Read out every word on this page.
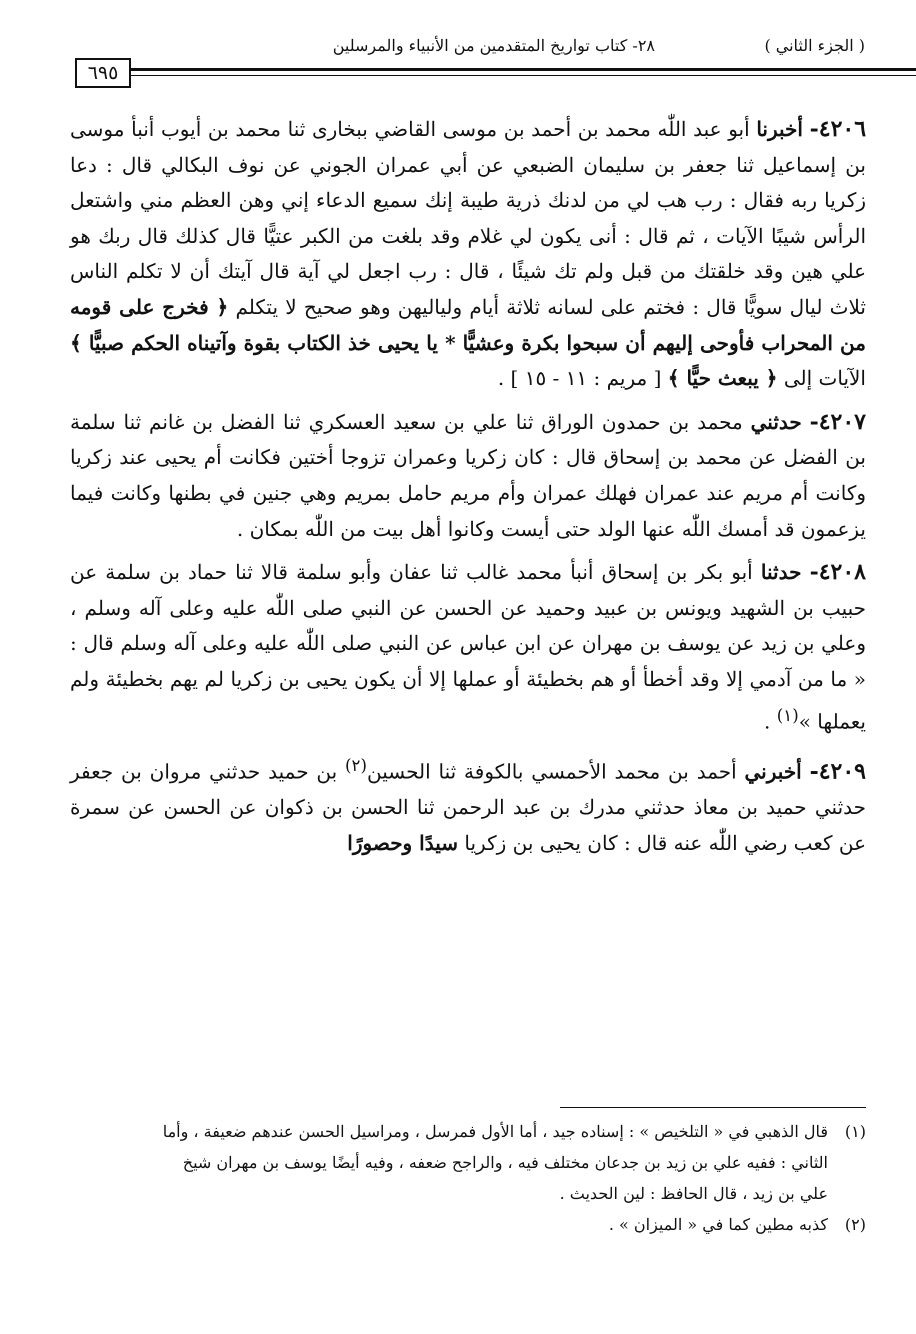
( الجزء الثاني )
٢٨- كتاب تواريخ المتقدمين من الأنبياء والمرسلين
٦٩٥

٤٢٠٦- أخبرنا أبو عبد اللّٰه محمد بن أحمد بن موسى القاضي ببخارى ثنا محمد بن أيوب أنبأ موسى بن إسماعيل ثنا جعفر بن سليمان الضبعي عن أبي عمران الجوني عن نوف البكالي قال : دعا زكريا ربه فقال : رب هب لي من لدنك ذرية طيبة إنك سميع الدعاء إني وهن العظم مني واشتعل الرأس شيبًا الآيات ، ثم قال : أنى يكون لي غلام وقد بلغت من الكبر عتيًّا قال كذلك قال ربك هو علي هين وقد خلقتك من قبل ولم تك شيئًا ، قال : رب اجعل لي آية قال آيتك أن لا تكلم الناس ثلاث ليال سويًّا قال : فختم على لسانه ثلاثة أيام ولياليهن وهو صحيح لا يتكلم ﴿ فخرج على قومه من المحراب فأوحى إليهم أن سبحوا بكرة وعشيًّا * يا يحيى خذ الكتاب بقوة وآتيناه الحكم صبيًّا ﴾ الآيات إلى ﴿ يبعث حيًّا ﴾ [ مريم : ١١ - ١٥ ] .

٤٢٠٧- حدثني محمد بن حمدون الوراق ثنا علي بن سعيد العسكري ثنا الفضل بن غانم ثنا سلمة بن الفضل عن محمد بن إسحاق قال : كان زكريا وعمران تزوجا أختين فكانت أم يحيى عند زكريا وكانت أم مريم عند عمران فهلك عمران وأم مريم حامل بمريم وهي جنين في بطنها وكانت فيما يزعمون قد أمسك اللّٰه عنها الولد حتى أيست وكانوا أهل بيت من اللّٰه بمكان .

٤٢٠٨- حدثنا أبو بكر بن إسحاق أنبأ محمد غالب ثنا عفان وأبو سلمة قالا ثنا حماد بن سلمة عن حبيب بن الشهيد ويونس بن عبيد وحميد عن الحسن عن النبي صلى اللّٰه عليه وعلى آله وسلم ، وعلي بن زيد عن يوسف بن مهران عن ابن عباس عن النبي صلى اللّٰه عليه وعلى آله وسلم قال : « ما من آدمي إلا وقد أخطأ أو هم بخطيئة أو عملها إلا أن يكون يحيى بن زكريا لم يهم بخطيئة ولم يعملها »$^{(١)}$ .

٤٢٠٩- أخبرني أحمد بن محمد الأحمسي بالكوفة ثنا الحسين$^{(٢)}$ بن حميد حدثني مروان بن جعفر حدثني حميد بن معاذ حدثني مدرك بن عبد الرحمن ثنا الحسن بن ذكوان عن الحسن عن سمرة عن كعب رضي اللّٰه عنه قال : كان يحيى بن زكريا سيدًا وحصورًا

(١)قال الذهبي في « التلخيص » : إسناده جيد ، أما الأول فمرسل ، ومراسيل الحسن عندهم ضعيفة ، وأما

الثاني : ففيه علي بن زيد بن جدعان مختلف فيه ، والراجح ضعفه ، وفيه أيضًا يوسف بن مهران شيخ

علي بن زيد ، قال الحافظ : لين الحديث .

(٢)كذبه مطين كما في « الميزان » .
